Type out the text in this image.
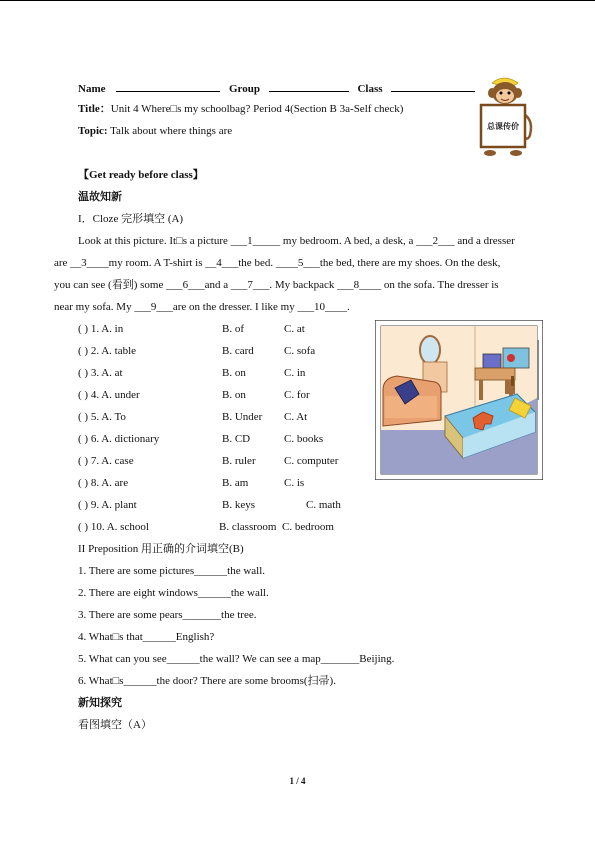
Name	Group	Class
Title：Unit 4 Where□s my schoolbag? Period 4(Section B 3a-Self check)
Topic: Talk about where things are	总课传价
【Get ready before class】
温故知新
I．Cloze 完形填空 (A)
Look at this picture. It□s a picture ___1_____ my bedroom. A bed, a desk, a ___2___ and a dresser
are __3____my room. A T-shirt is __4___the bed. ____5___the bed, there are my shoes. On the desk,
you can see (看到) some ___6___and a ___7___. My backpack ___8____ on the sofa. The dresser is
near my sofa. My ___9___are on the dresser. I like my ___10____.
( ) 1. A. in	B. of	C. at
( ) 2. A. table	B. card	C. sofa
( ) 3. A. at	B. on	C. in
( ) 4. A. under	B. on	C. for
( ) 5. A. To	B. Under C. At
( ) 6. A. dictionary	B. CD	C. books
( ) 7. A. case	B. ruler	C. computer
( ) 8. A. are	B. am	C. is
( ) 9. A. plant	B. keys	C. math
( ) 10. A. school	B. classroom C. bedroom
II Preposition 用正确的介词填空(B)
1. There are some pictures______the wall.
2. There are eight windows______the wall.
3. There are some pears_______the tree.
4. What□s that______English?
5. What can you see______the wall? We can see a map_______Beijing.
6. What□s______the door? There are some brooms(扫帚).
新知探究
看图填空（A）
1 / 4
